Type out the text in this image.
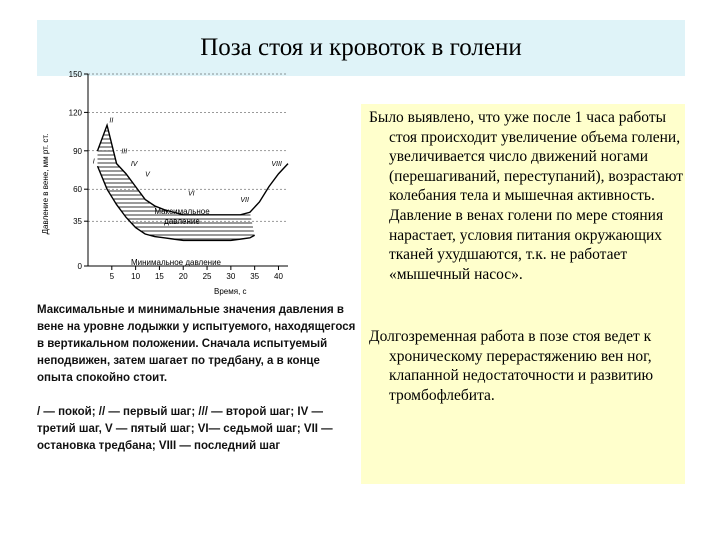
Поза стоя и кровоток в голени
150
120
90
60
35
0
5 10 15 20 25 30 35 40
I
II
III
IV
V
VI
VII
VIII
Давление в вене, мм рт. ст.
Время, с
Максимальное давление
Минимальное давление
Максимальные и минимальные значения давления в вене на уровне лодыжки у испытуемого, находящегося в вертикальном положении. Сначала испытуемый неподвижен, затем шагает по тредбану, а в конце опыта спокойно стоит.
/ — покой; // — первый шаг; /// — второй шаг; IV — третий шаг, V — пятый шаг; VI— седьмой шаг; VII — остановка тредбана; VIII — последний шаг

Было выявлено, что уже после 1 часа работы стоя происходит увеличение объема голени, увеличивается число движений ногами (перешагиваний, переступаний), возрастают колебания тела и мышечная активность. Давление в венах голени по мере стояния нарастает, условия питания окружающих тканей ухудшаются, т.к. не работает «мышечный насос».

Долгозременная работа в позе стоя ведет к хроническому перерастяжению вен ног, клапанной недостаточности и развитию тромбофлебита.
